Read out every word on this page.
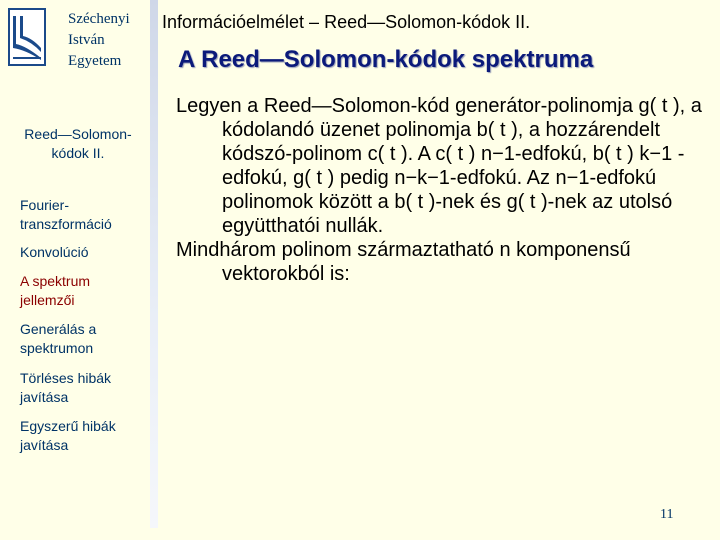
Széchenyi
István
Egyetem
Információelmélet – Reed—Solomon-kódok II.
A Reed—Solomon-kódok spektruma
Reed—Solomon-kódok II.
Fourier-transzformáció
Konvolúció
A spektrum jellemzői
Generálás a spektrumon
Törléses hibák javítása
Egyszerű hibák javítása

Legyen a Reed—Solomon-kód generátor-polinomja g( t ), a kódolandó üzenet polinomja b( t ), a hozzárendelt kódszó-polinom c( t ). A c( t ) n−1-edfokú, b( t ) k−1 -edfokú, g( t ) pedig n−k−1-edfokú. Az n−1-edfokú polinomok között a b( t )-nek és g( t )-nek az utolsó együtthatói nullák.

Mindhárom polinom származtatható n komponensű vektorokból is:

11
